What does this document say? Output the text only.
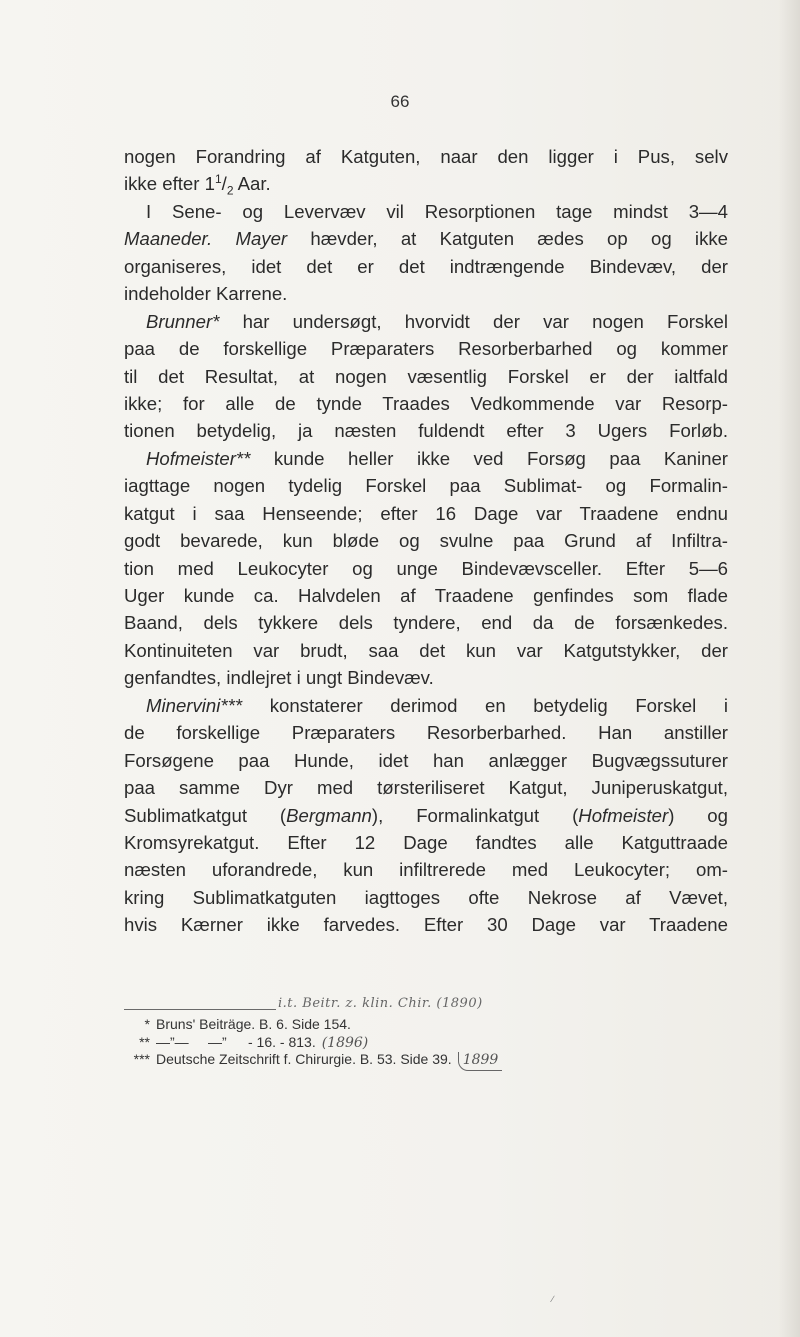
66
nogen Forandring af Katguten, naar den ligger i Pus, selv
ikke efter $1^1/_2$ Aar.
I Sene- og Levervæv vil Resorptionen tage mindst 3—4
Maaneder. Mayer hævder, at Katguten ædes op og ikke
organiseres, idet det er det indtrængende Bindevæv, der
indeholder Karrene.
Brunner* har undersøgt, hvorvidt der var nogen Forskel
paa de forskellige Præparaters Resorberbarhed og kommer
til det Resultat, at nogen væsentlig Forskel er der ialtfald
ikke; for alle de tynde Traades Vedkommende var Resorp-
tionen betydelig, ja næsten fuldendt efter 3 Ugers Forløb.
Hofmeister** kunde heller ikke ved Forsøg paa Kaniner
iagttage nogen tydelig Forskel paa Sublimat- og Formalin-
katgut i saa Henseende; efter 16 Dage var Traadene endnu
godt bevarede, kun bløde og svulne paa Grund af Infiltra-
tion med Leukocyter og unge Bindevævsceller. Efter 5—6
Uger kunde ca. Halvdelen af Traadene genfindes som flade
Baand, dels tykkere dels tyndere, end da de forsænkedes.
Kontinuiteten var brudt, saa det kun var Katgutstykker, der
genfandtes, indlejret i ungt Bindevæv.
Minervini*** konstaterer derimod en betydelig Forskel i
de forskellige Præparaters Resorberbarhed. Han anstiller
Forsøgene paa Hunde, idet han anlægger Bugvægssuturer
paa samme Dyr med tørsteriliseret Katgut, Juniperuskatgut,
Sublimatkatgut (Bergmann), Formalinkatgut (Hofmeister) og
Kromsyrekatgut. Efter 12 Dage fandtes alle Katguttraade
næsten uforandrede, kun infiltrerede med Leukocyter; om-
kring Sublimatkatguten iagttoges ofte Nekrose af Vævet,
hvis Kærner ikke farvedes. Efter 30 Dage var Traadene
i.t. Beitr. z. klin. Chir. (1890)
* Bruns' Beiträge. B. 6. Side 154.
** —”— —” - 16. - 813. (1896)
*** Deutsche Zeitschrift f. Chirurgie. B. 53. Side 39. 1899
∕
